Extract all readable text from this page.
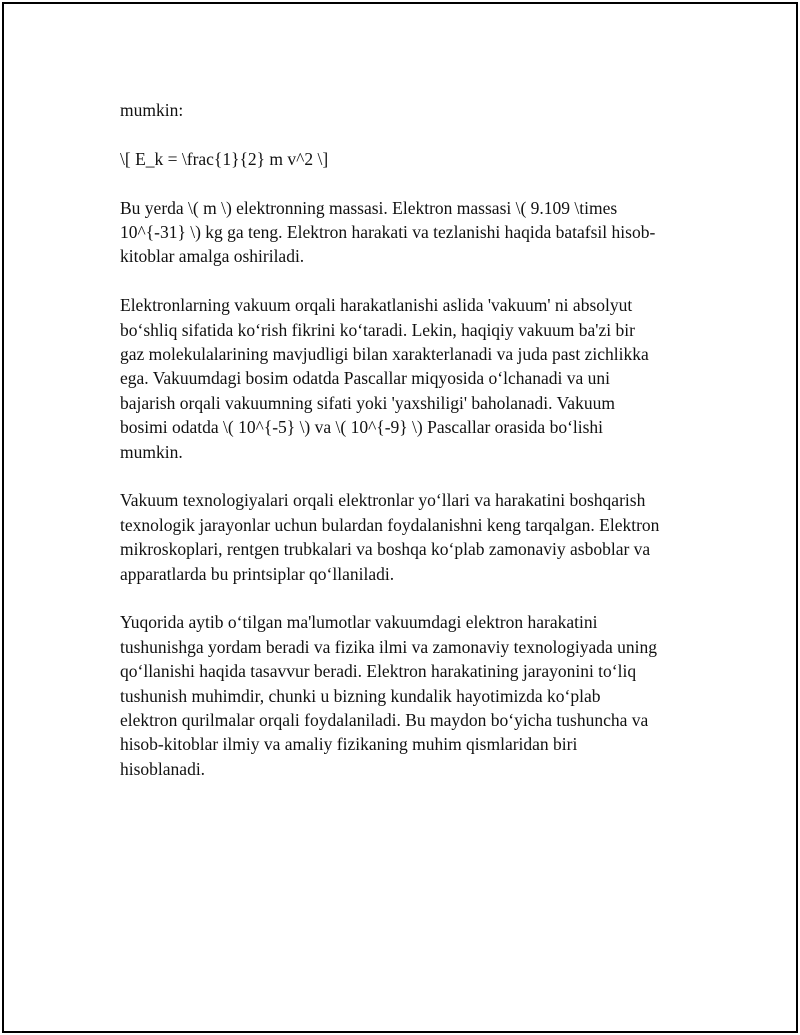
mumkin:

\[ E_k = \frac{1}{2} m v^2 \]

Bu yerda \( m \) elektronning massasi. Elektron massasi \( 9.109 \times
10^{-31} \) kg ga teng. Elektron harakati va tezlanishi haqida batafsil hisob-
kitoblar amalga oshiriladi.

Elektronlarning vakuum orqali harakatlanishi aslida 'vakuum' ni absolyut
bo‘shliq sifatida ko‘rish fikrini ko‘taradi. Lekin, haqiqiy vakuum ba'zi bir
gaz molekulalarining mavjudligi bilan xarakterlanadi va juda past zichlikka
ega. Vakuumdagi bosim odatda Pascallar miqyosida o‘lchanadi va uni
bajarish orqali vakuumning sifati yoki 'yaxshiligi' baholanadi. Vakuum
bosimi odatda \( 10^{-5} \) va \( 10^{-9} \) Pascallar orasida bo‘lishi
mumkin.

Vakuum texnologiyalari orqali elektronlar yo‘llari va harakatini boshqarish
texnologik jarayonlar uchun bulardan foydalanishni keng tarqalgan. Elektron
mikroskoplari, rentgen trubkalari va boshqa ko‘plab zamonaviy asboblar va
apparatlarda bu printsiplar qo‘llaniladi.

Yuqorida aytib o‘tilgan ma'lumotlar vakuumdagi elektron harakatini
tushunishga yordam beradi va fizika ilmi va zamonaviy texnologiyada uning
qo‘llanishi haqida tasavvur beradi. Elektron harakatining jarayonini to‘liq
tushunish muhimdir, chunki u bizning kundalik hayotimizda ko‘plab
elektron qurilmalar orqali foydalaniladi. Bu maydon bo‘yicha tushuncha va
hisob-kitoblar ilmiy va amaliy fizikaning muhim qismlaridan biri
hisoblanadi.
